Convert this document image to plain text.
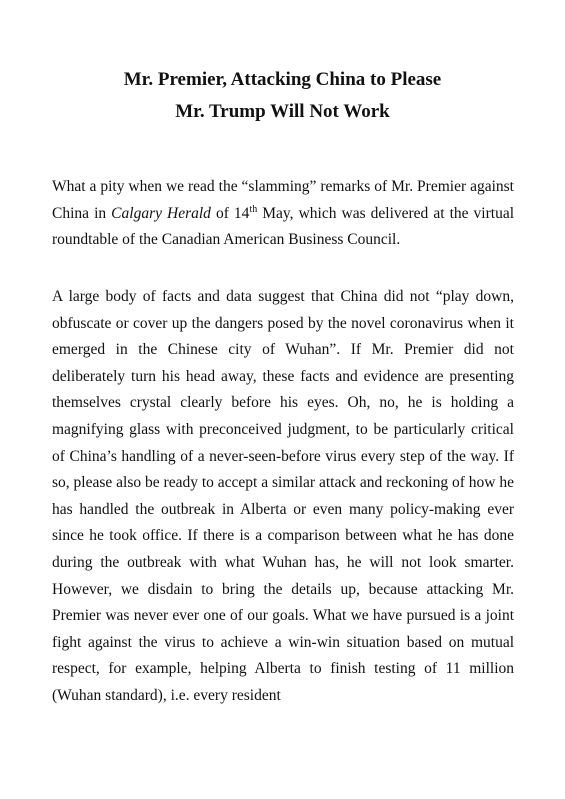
Mr. Premier, Attacking China to Please
Mr. Trump Will Not Work

What a pity when we read the “slamming” remarks of Mr. Premier against China in Calgary Herald of 14th May, which was delivered at the virtual roundtable of the Canadian American Business Council.

A large body of facts and data suggest that China did not “play down, obfuscate or cover up the dangers posed by the novel coronavirus when it emerged in the Chinese city of Wuhan”. If Mr. Premier did not deliberately turn his head away, these facts and evidence are presenting themselves crystal clearly before his eyes. Oh, no, he is holding a magnifying glass with preconceived judgment, to be particularly critical of China’s handling of a never-seen-before virus every step of the way. If so, please also be ready to accept a similar attack and reckoning of how he has handled the outbreak in Alberta or even many policy-making ever since he took office. If there is a comparison between what he has done during the outbreak with what Wuhan has, he will not look smarter. However, we disdain to bring the details up, because attacking Mr. Premier was never ever one of our goals. What we have pursued is a joint fight against the virus to achieve a win-win situation based on mutual respect, for example, helping Alberta to finish testing of 11 million (Wuhan standard), i.e. every resident
